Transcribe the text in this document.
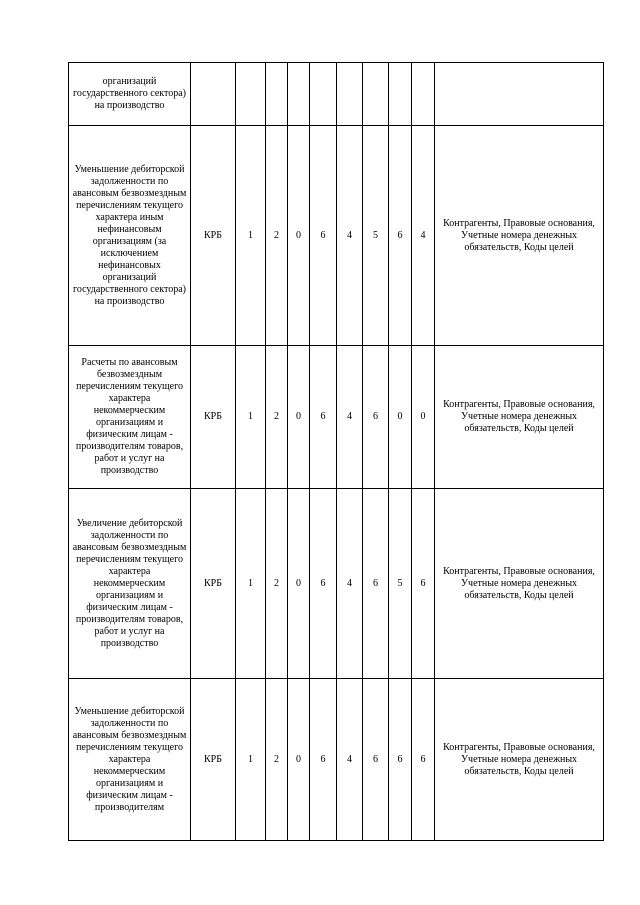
организаций государственного сектора) на производство										
Уменьшение дебиторской задолженности по авансовым безвозмездным перечислениям текущего характера иным нефинансовым организациям (за исключением нефинансовых организаций государственного сектора) на производство	КРБ	1	2	0	6	4	5	6	4	Контрагенты, Правовые основания, Учетные номера денежных обязательств, Коды целей
Расчеты по авансовым безвозмездным перечислениям текущего характера некоммерческим организациям и физическим лицам - производителям товаров, работ и услуг на производство	КРБ	1	2	0	6	4	6	0	0	Контрагенты, Правовые основания, Учетные номера денежных обязательств, Коды целей
Увеличение дебиторской задолженности по авансовым безвозмездным перечислениям текущего характера некоммерческим организациям и физическим лицам - производителям товаров, работ и услуг на производство	КРБ	1	2	0	6	4	6	5	6	Контрагенты, Правовые основания, Учетные номера денежных обязательств, Коды целей
Уменьшение дебиторской задолженности по авансовым безвозмездным перечислениям текущего характера некоммерческим организациям и физическим лицам - производителям	КРБ	1	2	0	6	4	6	6	6	Контрагенты, Правовые основания, Учетные номера денежных обязательств, Коды целей
